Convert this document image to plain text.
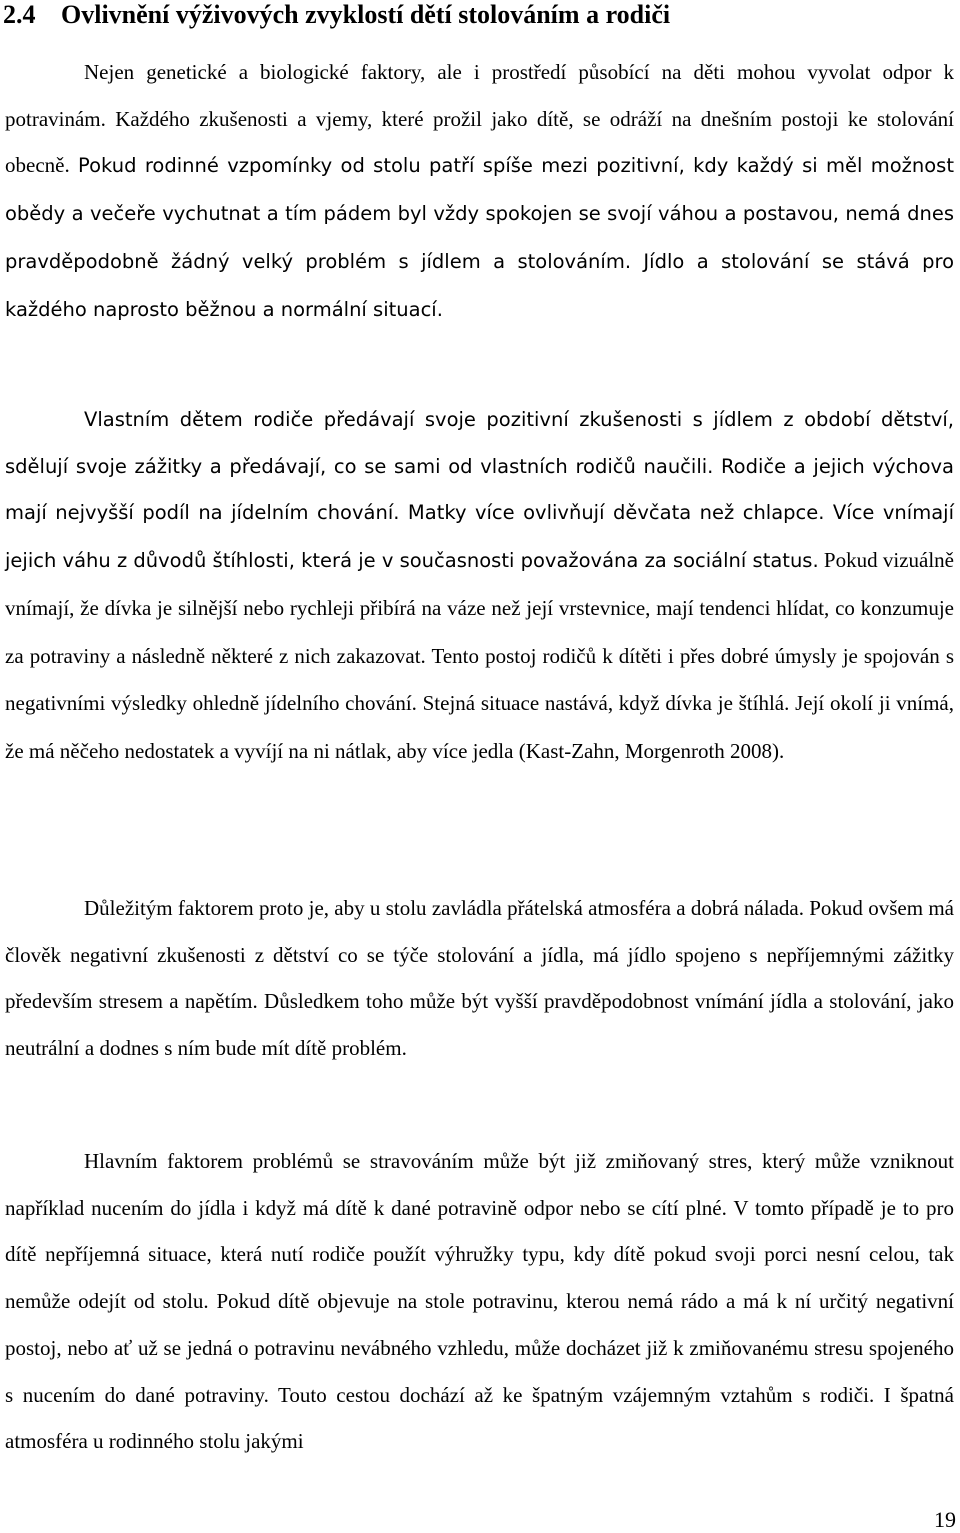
2.4 Ovlivnění výživových zvyklostí dětí stolováním a rodiči

Nejen genetické a biologické faktory, ale i prostředí působící na děti mohou vyvolat odpor k potravinám. Každého zkušenosti a vjemy, které prožil jako dítě, se odráží na dnešním postoji ke stolování obecně. Pokud rodinné vzpomínky od stolu patří spíše mezi pozitivní, kdy každý si měl možnost obědy a večeře vychutnat a tím pádem byl vždy spokojen se svojí váhou a postavou, nemá dnes pravděpodobně žádný velký problém s jídlem a stolováním. Jídlo a stolování se stává pro každého naprosto běžnou a normální situací.

Vlastním dětem rodiče předávají svoje pozitivní zkušenosti s jídlem z období dětství, sdělují svoje zážitky a předávají, co se sami od vlastních rodičů naučili. Rodiče a jejich výchova mají nejvyšší podíl na jídelním chování. Matky více ovlivňují děvčata než chlapce. Více vnímají jejich váhu z důvodů štíhlosti, která je v současnosti považována za sociální status. Pokud vizuálně vnímají, že dívka je silnější nebo rychleji přibírá na váze než její vrstevnice, mají tendenci hlídat, co konzumuje za potraviny a následně některé z nich zakazovat. Tento postoj rodičů k dítěti i přes dobré úmysly je spojován s negativními výsledky ohledně jídelního chování. Stejná situace nastává, když dívka je štíhlá. Její okolí ji vnímá, že má něčeho nedostatek a vyvíjí na ni nátlak, aby více jedla (Kast-Zahn, Morgenroth 2008).

Důležitým faktorem proto je, aby u stolu zavládla přátelská atmosféra a dobrá nálada. Pokud ovšem má člověk negativní zkušenosti z dětství co se týče stolování a jídla, má jídlo spojeno s nepříjemnými zážitky především stresem a napětím. Důsledkem toho může být vyšší pravděpodobnost vnímání jídla a stolování, jako neutrální a dodnes s ním bude mít dítě problém.

Hlavním faktorem problémů se stravováním může být již zmiňovaný stres, který může vzniknout například nucením do jídla i když má dítě k dané potravině odpor nebo se cítí plné. V tomto případě je to pro dítě nepříjemná situace, která nutí rodiče použít výhružky typu, kdy dítě pokud svoji porci nesní celou, tak nemůže odejít od stolu. Pokud dítě objevuje na stole potravinu, kterou nemá rádo a má k ní určitý negativní postoj, nebo ať už se jedná o potravinu nevábného vzhledu, může docházet již k zmiňovanému stresu spojeného s nucením do dané potraviny. Touto cestou dochází až ke špatným vzájemným vztahům s rodiči. I špatná atmosféra u rodinného stolu jakými

19
